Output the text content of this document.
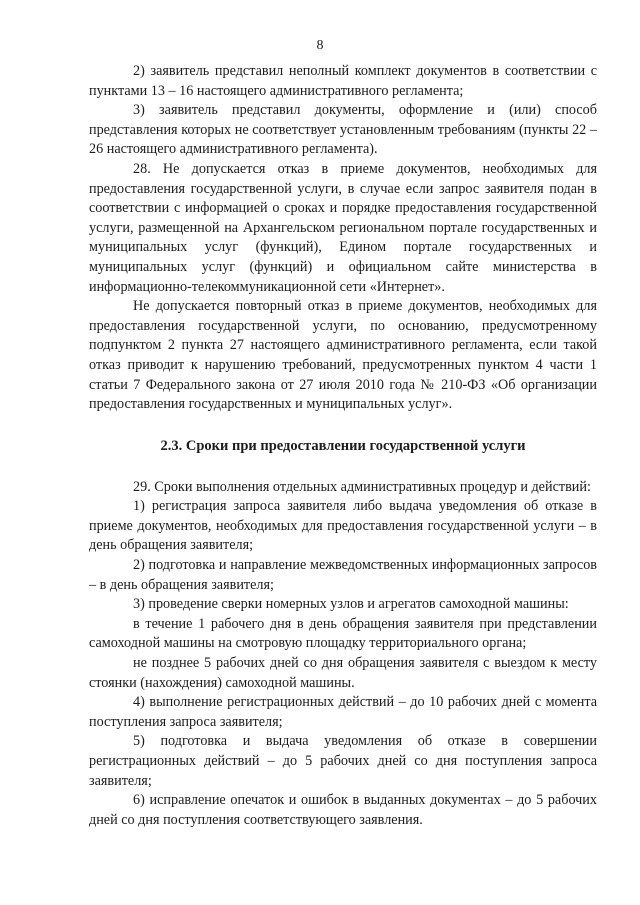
8

2) заявитель представил неполный комплект документов в соответствии с пунктами 13 – 16 настоящего административного регламента;

3) заявитель представил документы, оформление и (или) способ представления которых не соответствует установленным требованиям (пункты 22 – 26 настоящего административного регламента).

28. Не допускается отказ в приеме документов, необходимых для предоставления государственной услуги, в случае если запрос заявителя подан в соответствии с информацией о сроках и порядке предоставления государственной услуги, размещенной на Архангельском региональном портале государственных и муниципальных услуг (функций), Едином портале государственных и муниципальных услуг (функций) и официальном сайте министерства в информационно-телекоммуникационной сети «Интернет».

Не допускается повторный отказ в приеме документов, необходимых для предоставления государственной услуги, по основанию, предусмотренному подпунктом 2 пункта 27 настоящего административного регламента, если такой отказ приводит к нарушению требований, предусмотренных пунктом 4 части 1 статьи 7 Федерального закона от 27 июля 2010 года № 210-ФЗ «Об организации предоставления государственных и муниципальных услуг».

2.3. Сроки при предоставлении государственной услуги

29. Сроки выполнения отдельных административных процедур и действий:

1) регистрация запроса заявителя либо выдача уведомления об отказе в приеме документов, необходимых для предоставления государственной услуги – в день обращения заявителя;

2) подготовка и направление межведомственных информационных запросов – в день обращения заявителя;

3) проведение сверки номерных узлов и агрегатов самоходной машины:

в течение 1 рабочего дня в день обращения заявителя при представлении самоходной машины на смотровую площадку территориального органа;

не позднее 5 рабочих дней со дня обращения заявителя с выездом к месту стоянки (нахождения) самоходной машины.

4) выполнение регистрационных действий – до 10 рабочих дней с момента поступления запроса заявителя;

5) подготовка и выдача уведомления об отказе в совершении регистрационных действий – до 5 рабочих дней со дня поступления запроса заявителя;

6) исправление опечаток и ошибок в выданных документах – до 5 рабочих дней со дня поступления соответствующего заявления.
